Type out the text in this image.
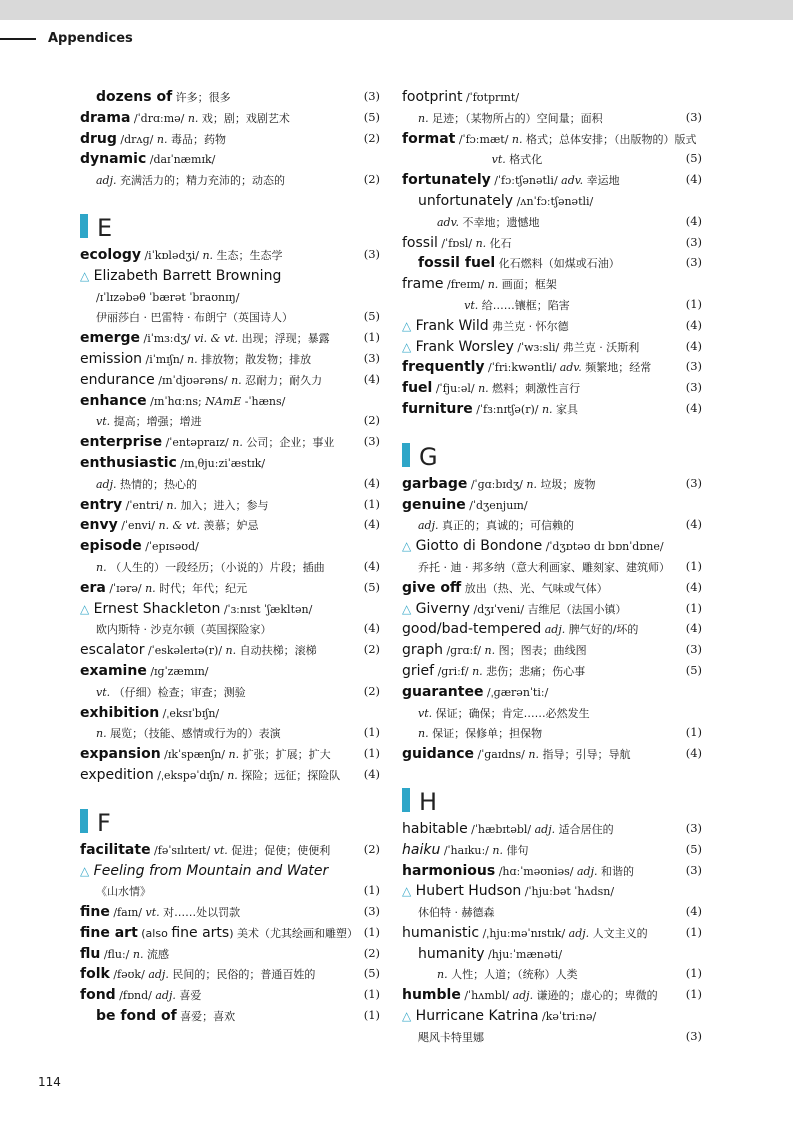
Appendices
dozens of 许多；很多	(3)
drama /ˈdrɑːmə/ n. 戏；剧；戏剧艺术	(5)
drug /drʌɡ/ n. 毒品；药物	(2)
dynamic /daɪˈnæmɪk/
adj. 充满活力的；精力充沛的；动态的	(2)
E
ecology /iˈkɒlədʒi/ n. 生态；生态学	(3)
△ Elizabeth Barrett Browning
/ɪˈlɪzəbəθ ˈbærət ˈbraʊnɪŋ/
伊丽莎白 · 巴雷特 · 布朗宁（英国诗人）	(5)
emerge /iˈmɜːdʒ/ vi. & vt. 出现；浮现；暴露	(1)
emission /iˈmɪʃn/ n. 排放物；散发物；排放	(3)
endurance /ɪnˈdjʊərəns/ n. 忍耐力；耐久力	(4)
enhance /ɪnˈhɑːns; NAmE -ˈhæns/
vt. 提高；增强；增进	(2)
enterprise /ˈentəpraɪz/ n. 公司；企业；事业	(3)
enthusiastic /ɪnˌθjuːziˈæstɪk/
adj. 热情的；热心的	(4)
entry /ˈentri/ n. 加入；进入；参与	(1)
envy /ˈenvi/ n. & vt. 羡慕；妒忌	(4)
episode /ˈepɪsəʊd/
n. （人生的）一段经历；（小说的）片段；插曲	(4)
era /ˈɪərə/ n. 时代；年代；纪元	(5)
△ Ernest Shackleton /ˈɜːnɪst ˈʃækltən/
欧内斯特 · 沙克尔顿（英国探险家）	(4)
escalator /ˈeskəleɪtə(r)/ n. 自动扶梯；滚梯	(2)
examine /ɪɡˈzæmɪn/
vt. （仔细）检查；审查；测验	(2)
exhibition /ˌeksɪˈbɪʃn/
n. 展览；（技能、感情或行为的）表演	(1)
expansion /ɪkˈspænʃn/ n. 扩张；扩展；扩大	(1)
expedition /ˌekspəˈdɪʃn/ n. 探险；远征；探险队 (4)
F
facilitate /fəˈsɪlɪteɪt/ vt. 促进；促使；使便利	(2)
△ Feeling from Mountain and Water
《山水情》	(1)
fine /faɪn/ vt. 对……处以罚款	(3)
fine art (also fine arts) 美术（尤其绘画和雕塑） (1)
flu /fluː/ n. 流感	(2)
folk /fəʊk/ adj. 民间的；民俗的；普通百姓的	(5)
fond /fɒnd/ adj. 喜爱	(1)
be fond of 喜爱；喜欢	(1)
footprint /ˈfʊtprɪnt/
n. 足迹；（某物所占的）空间量；面积	(3)
format /ˈfɔːmæt/ n. 格式；总体安排；（出版物的）版式
vt. 格式化	(5)
fortunately /ˈfɔːtʃənətli/ adv. 幸运地	(4)
unfortunately /ʌnˈfɔːtʃənətli/
adv. 不幸地；遗憾地	(4)
fossil /ˈfɒsl/ n. 化石	(3)
fossil fuel 化石燃料（如煤或石油）	(3)
frame /freɪm/ n. 画面；框架
vt. 给……镶框；陷害	(1)
△ Frank Wild 弗兰克 · 怀尔德	(4)
△ Frank Worsley /ˈwɜːsli/ 弗兰克 · 沃斯利	(4)
frequently /ˈfriːkwəntli/ adv. 频繁地；经常	(3)
fuel /ˈfjuːəl/ n. 燃料；刺激性言行	(3)
furniture /ˈfɜːnɪtʃə(r)/ n. 家具	(4)
G
garbage /ˈɡɑːbɪdʒ/ n. 垃圾；废物	(3)
genuine /ˈdʒenjuɪn/
adj. 真正的；真诚的；可信赖的	(4)
△ Giotto di Bondone /ˈdʒɒtəʊ dɪ bɒnˈdɒne/
乔托 · 迪 · 邦多纳（意大利画家、雕刻家、建筑师） (1)
give off 放出（热、光、气味或气体）	(4)
△ Giverny /dʒɪˈveni/ 吉维尼（法国小镇）	(1)
good/bad-tempered adj. 脾气好的/坏的	(4)
graph /ɡrɑːf/ n. 图；图表；曲线图	(3)
grief /ɡriːf/ n. 悲伤；悲痛；伤心事	(5)
guarantee /ˌɡærənˈtiː/
vt. 保证；确保；肯定……必然发生
n. 保证；保修单；担保物	(1)
guidance /ˈɡaɪdns/ n. 指导；引导；导航	(4)
H
habitable /ˈhæbɪtəbl/ adj. 适合居住的	(3)
haiku /ˈhaɪkuː/ n. 俳句	(5)
harmonious /hɑːˈməʊniəs/ adj. 和谐的	(3)
△ Hubert Hudson /ˈhjuːbət ˈhʌdsn/
休伯特 · 赫德森	(4)
humanistic /ˌhjuːməˈnɪstɪk/ adj. 人文主义的	(1)
humanity /hjuːˈmænəti/
n. 人性；人道；（统称）人类	(1)
humble /ˈhʌmbl/ adj. 谦逊的；虚心的；卑微的 (1)
△ Hurricane Katrina /kəˈtriːnə/
飓风卡特里娜	(3)
114
